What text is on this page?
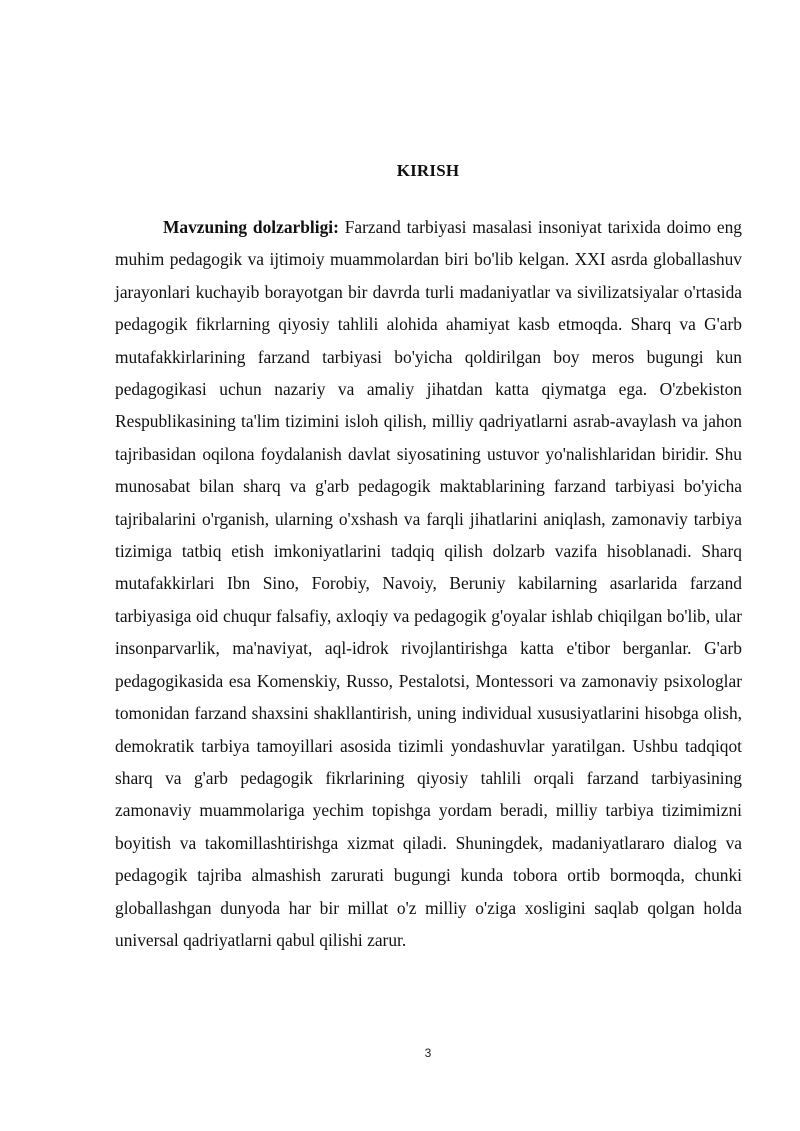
KIRISH

Mavzuning dolzarbligi: Farzand tarbiyasi masalasi insoniyat tarixida doimo eng muhim pedagogik va ijtimoiy muammolardan biri bo'lib kelgan. XXI asrda globallashuv jarayonlari kuchayib borayotgan bir davrda turli madaniyatlar va sivilizatsiyalar o'rtasida pedagogik fikrlarning qiyosiy tahlili alohida ahamiyat kasb etmoqda. Sharq va G'arb mutafakkirlarining farzand tarbiyasi bo'yicha qoldirilgan boy meros bugungi kun pedagogikasi uchun nazariy va amaliy jihatdan katta qiymatga ega. O'zbekiston Respublikasining ta'lim tizimini isloh qilish, milliy qadriyatlarni asrab-avaylash va jahon tajribasidan oqilona foydalanish davlat siyosatining ustuvor yo'nalishlaridan biridir. Shu munosabat bilan sharq va g'arb pedagogik maktablarining farzand tarbiyasi bo'yicha tajribalarini o'rganish, ularning o'xshash va farqli jihatlarini aniqlash, zamonaviy tarbiya tizimiga tatbiq etish imkoniyatlarini tadqiq qilish dolzarb vazifa hisoblanadi. Sharq mutafakkirlari Ibn Sino, Forobiy, Navoiy, Beruniy kabilarning asarlarida farzand tarbiyasiga oid chuqur falsafiy, axloqiy va pedagogik g'oyalar ishlab chiqilgan bo'lib, ular insonparvarlik, ma'naviyat, aql-idrok rivojlantirishga katta e'tibor berganlar. G'arb pedagogikasida esa Komenskiy, Russo, Pestalotsi, Montessori va zamonaviy psixologlar tomonidan farzand shaxsini shakllantirish, uning individual xususiyatlarini hisobga olish, demokratik tarbiya tamoyillari asosida tizimli yondashuvlar yaratilgan. Ushbu tadqiqot sharq va g'arb pedagogik fikrlarining qiyosiy tahlili orqali farzand tarbiyasining zamonaviy muammolariga yechim topishga yordam beradi, milliy tarbiya tizimimizni boyitish va takomillashtirishga xizmat qiladi. Shuningdek, madaniyatlararo dialog va pedagogik tajriba almashish zarurati bugungi kunda tobora ortib bormoqda, chunki globallashgan dunyoda har bir millat o'z milliy o'ziga xosligini saqlab qolgan holda universal qadriyatlarni qabul qilishi zarur.

3
